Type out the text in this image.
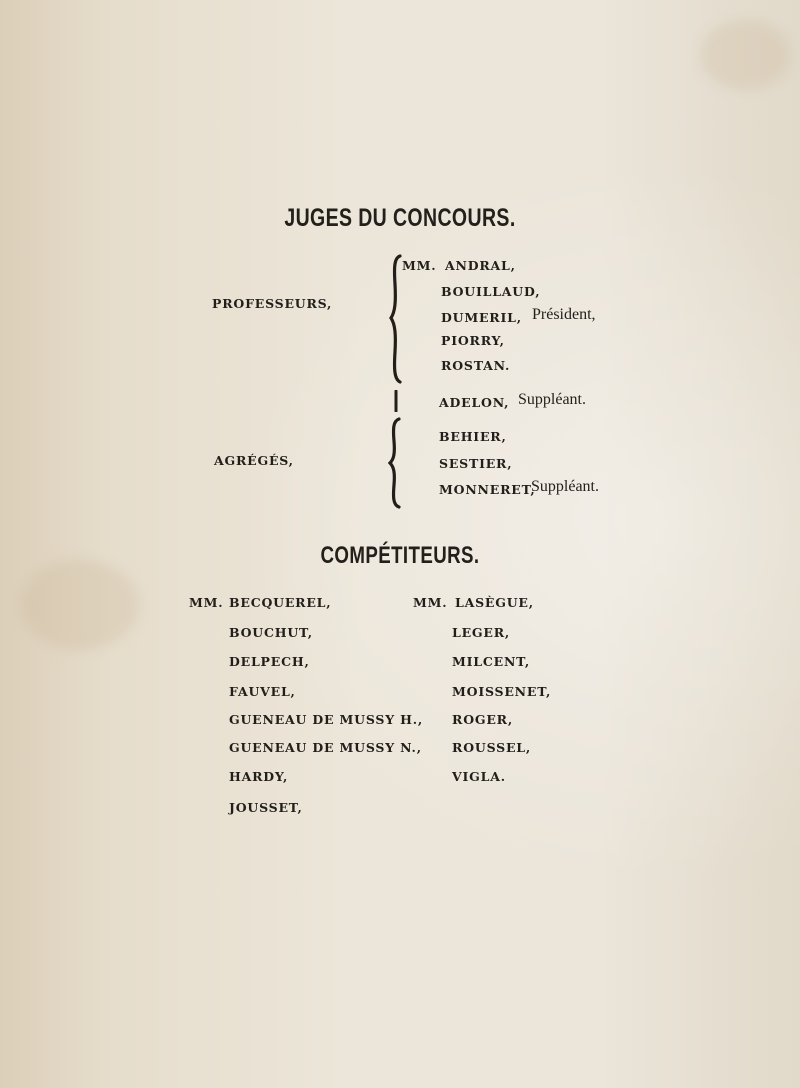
JUGES DU CONCOURS.
PROFESSEURS,
MM. ANDRAL,
BOUILLAUD,
DUMERIL, Président,
PIORRY,
ROSTAN.
ADELON, Suppléant.
AGRÉGÉS,
BEHIER,
SESTIER,
MONNERET,
Suppléant.
COMPÉTITEURS.
MM. BECQUEREL,
BOUCHUT,
DELPECH,
FAUVEL,
GUENEAU DE MUSSY H.,
GUENEAU DE MUSSY N.,
HARDY,
JOUSSET,
MM. LASÈGUE,
LEGER,
MILCENT,
MOISSENET,
ROGER,
ROUSSEL,
VIGLA.
